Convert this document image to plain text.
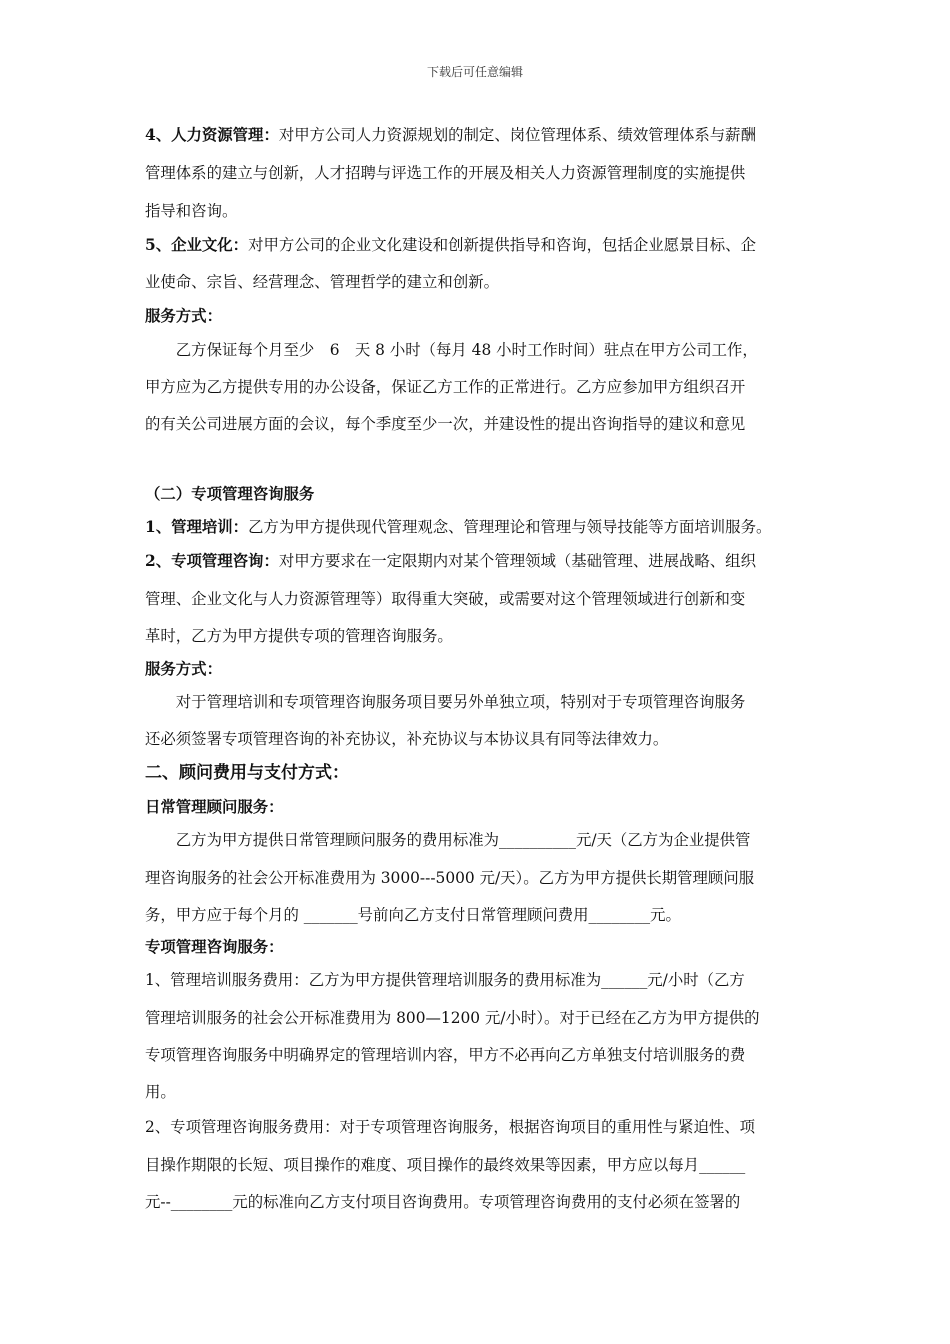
下载后可任意编辑
4、人力资源管理：对甲方公司人力资源规划的制定、岗位管理体系、绩效管理体系与薪酬
管理体系的建立与创新，人才招聘与评选工作的开展及相关人力资源管理制度的实施提供
指导和咨询。
5、企业文化：对甲方公司的企业文化建设和创新提供指导和咨询，包括企业愿景目标、企
业使命、宗旨、经营理念、管理哲学的建立和创新。
服务方式：
　　乙方保证每个月至少　6　天 8 小时（每月 48 小时工作时间）驻点在甲方公司工作，
甲方应为乙方提供专用的办公设备，保证乙方工作的正常进行。乙方应参加甲方组织召开
的有关公司进展方面的会议，每个季度至少一次，并建设性的提出咨询指导的建议和意见
（二）专项管理咨询服务
1、管理培训：乙方为甲方提供现代管理观念、管理理论和管理与领导技能等方面培训服务。
2、专项管理咨询：对甲方要求在一定限期内对某个管理领域（基础管理、进展战略、组织
管理、企业文化与人力资源管理等）取得重大突破，或需要对这个管理领域进行创新和变
革时，乙方为甲方提供专项的管理咨询服务。
服务方式：
　　对于管理培训和专项管理咨询服务项目要另外单独立项，特别对于专项管理咨询服务
还必须签署专项管理咨询的补充协议，补充协议与本协议具有同等法律效力。
二、顾问费用与支付方式：
日常管理顾问服务：
　　乙方为甲方提供日常管理顾问服务的费用标准为__________元/天（乙方为企业提供管
理咨询服务的社会公开标准费用为 3000---5000 元/天）。乙方为甲方提供长期管理顾问服
务，甲方应于每个月的 _______号前向乙方支付日常管理顾问费用________元。
专项管理咨询服务：
1、管理培训服务费用：乙方为甲方提供管理培训服务的费用标准为______元/小时（乙方
管理培训服务的社会公开标准费用为 800—1200 元/小时）。对于已经在乙方为甲方提供的
专项管理咨询服务中明确界定的管理培训内容，甲方不必再向乙方单独支付培训服务的费
用。
2、专项管理咨询服务费用：对于专项管理咨询服务，根据咨询项目的重用性与紧迫性、项
目操作期限的长短、项目操作的难度、项目操作的最终效果等因素，甲方应以每月______
元--________元的标准向乙方支付项目咨询费用。专项管理咨询费用的支付必须在签署的
